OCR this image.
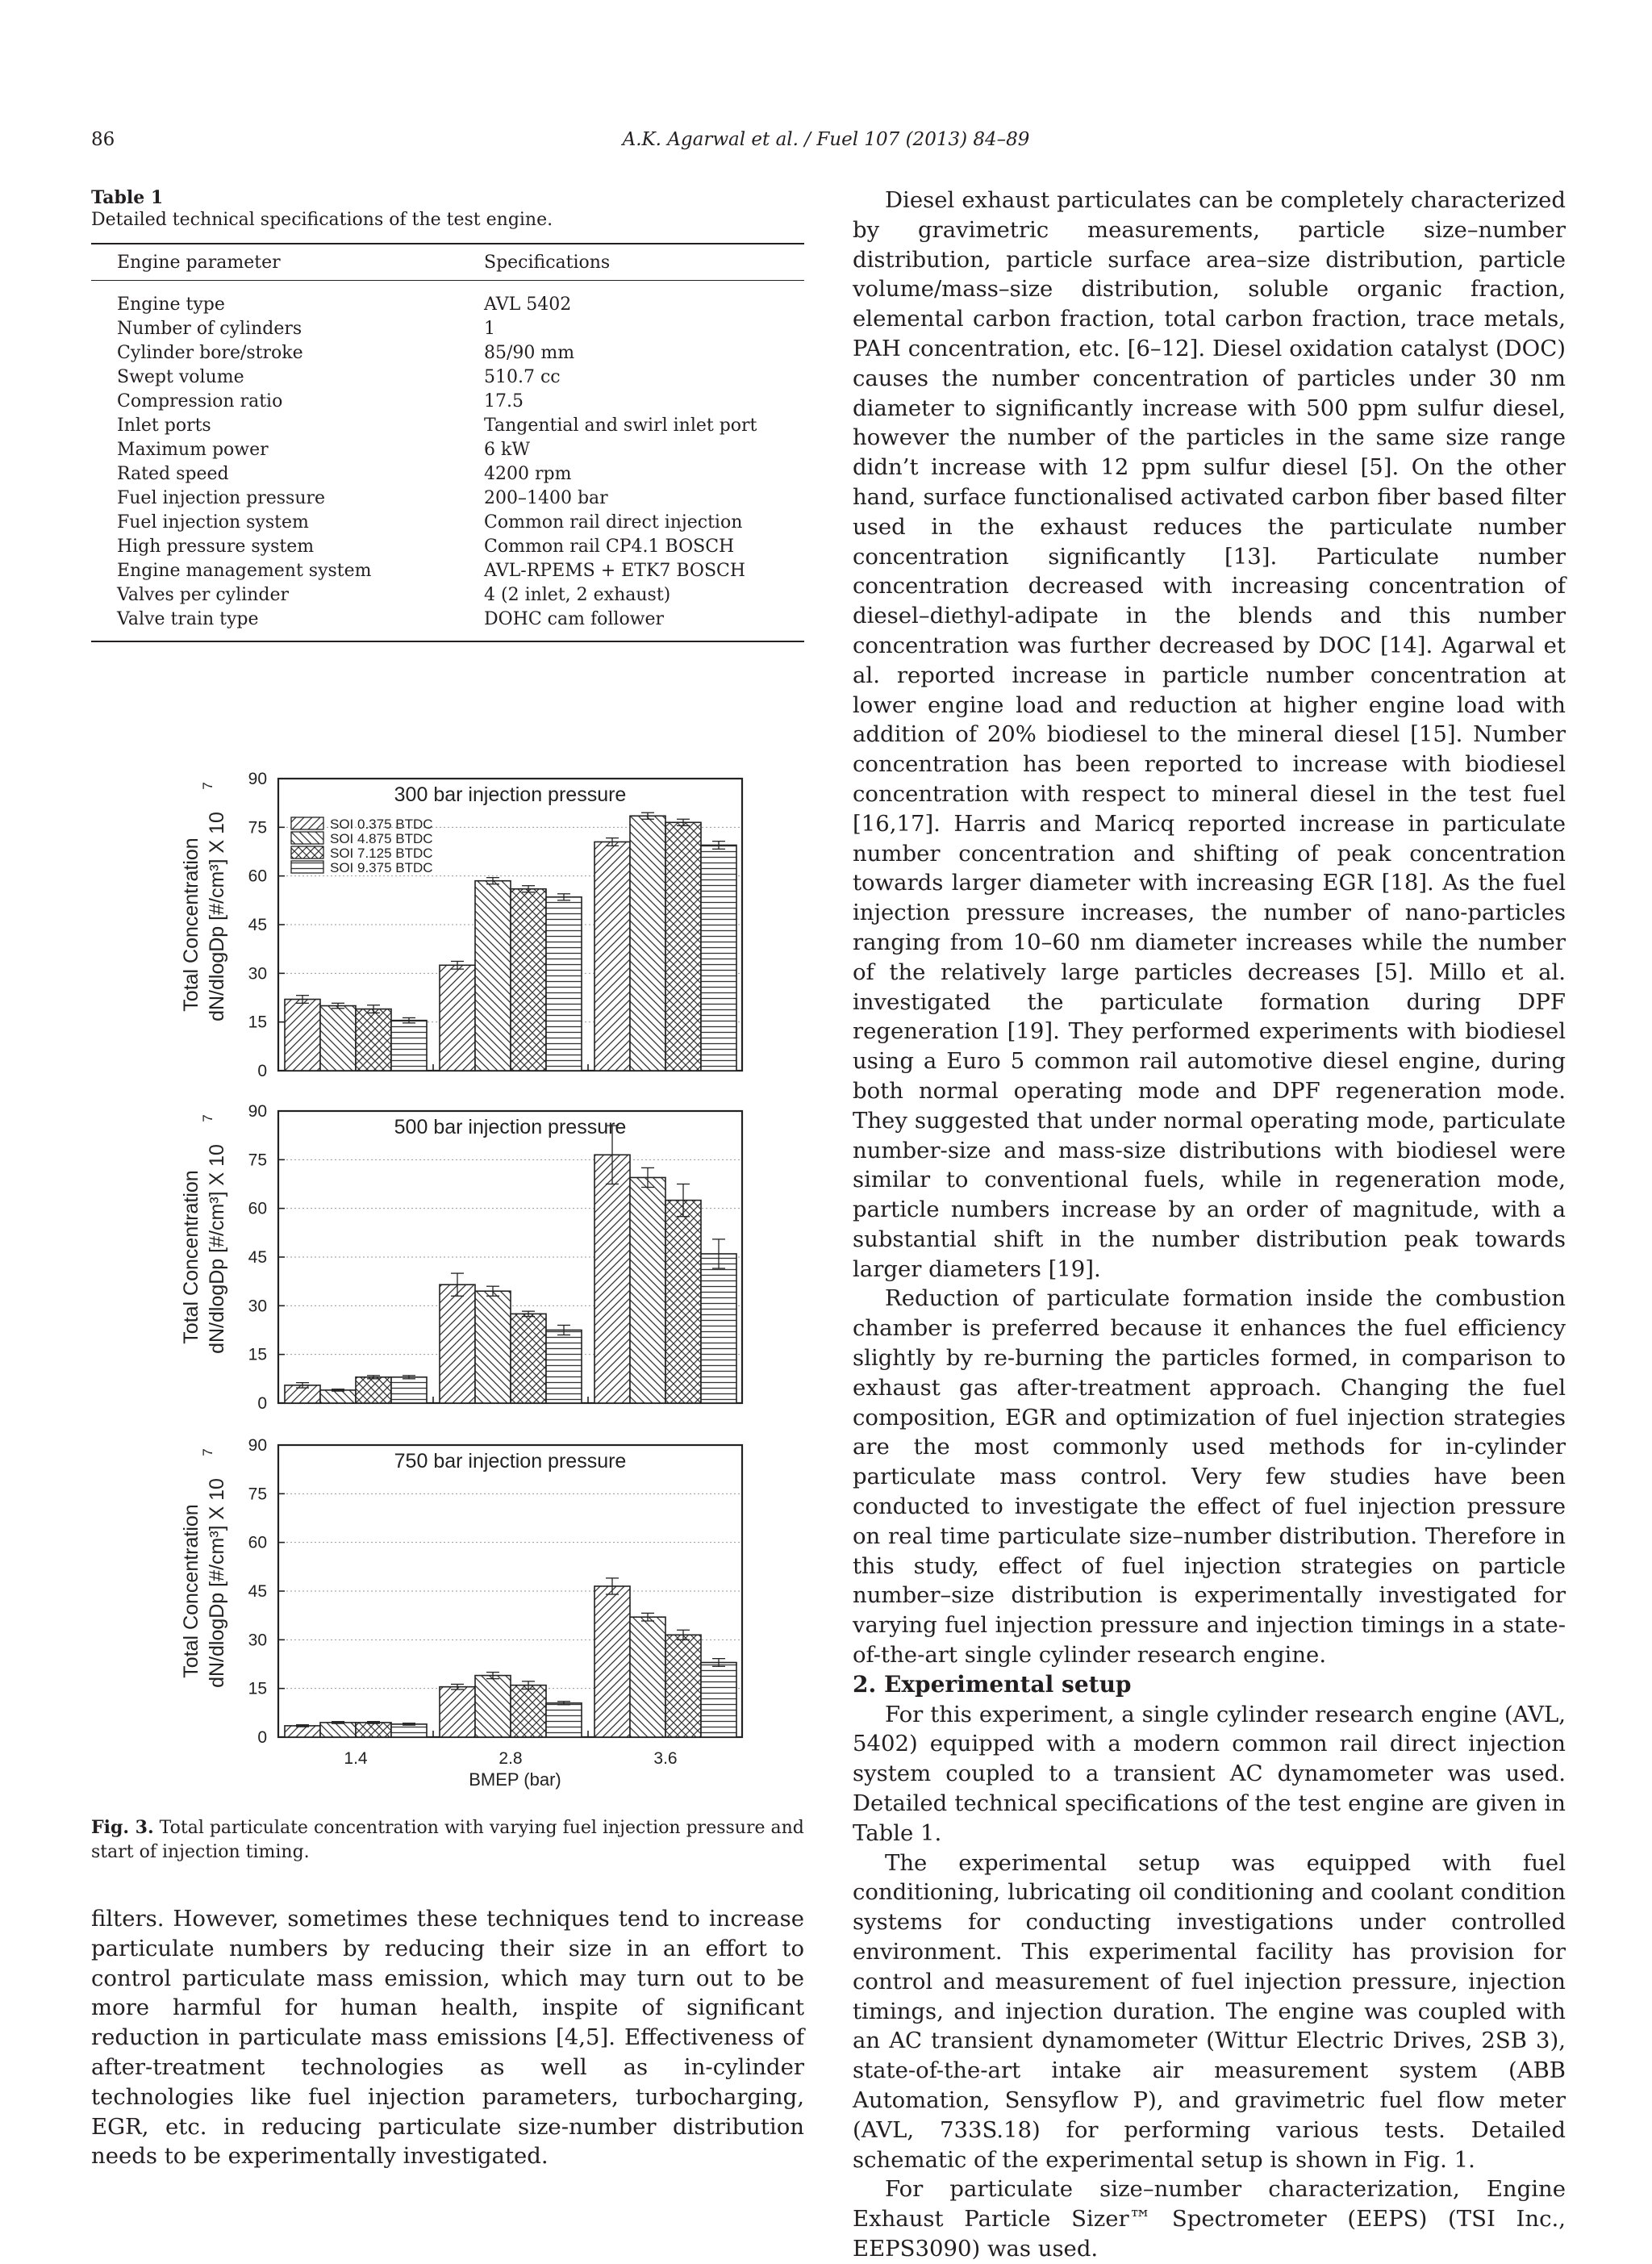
86	A.K. Agarwal et al. / Fuel 107 (2013) 84–89
Table 1
Detailed technical specifications of the test engine.
Engine parameter	Specifications
Engine type	AVL 5402
Number of cylinders	1
Cylinder bore/stroke	85/90 mm
Swept volume	510.7 cc
Compression ratio	17.5
Inlet ports	Tangential and swirl inlet port
Maximum power	6 kW
Rated speed	4200 rpm
Fuel injection pressure	200–1400 bar
Fuel injection system	Common rail direct injection
High pressure system	Common rail CP4.1 BOSCH
Engine management system	AVL-RPEMS + ETK7 BOSCH
Valves per cylinder	4 (2 inlet, 2 exhaust)
Valve train type	DOHC cam follower
0
15
30
45
60
75
90
300 bar injection pressure
Total Concentration dN/dlogDp [#/cm³] X 10
7
SOI 0.375 BTDC
SOI 4.875 BTDC
SOI 7.125 BTDC
SOI 9.375 BTDC
0
15
30
45
60
75
90
500 bar injection pressure
Total Concentration dN/dlogDp [#/cm³] X 10
7
0
15
30
45
60
75
90
750 bar injection pressure
Total Concentration dN/dlogDp [#/cm³] X 10
7
1.4	2.8	3.6
BMEP (bar)
Fig. 3. Total particulate concentration with varying fuel injection pressure and start of injection timing.

filters. However, sometimes these techniques tend to increase particulate numbers by reducing their size in an effort to control particulate mass emission, which may turn out to be more harmful for human health, inspite of significant reduction in particulate mass emissions [4,5]. Effectiveness of after-treatment technologies as well as in-cylinder technologies like fuel injection parameters, turbocharging, EGR, etc. in reducing particulate size-number distribution needs to be experimentally investigated.

Diesel exhaust particulates can be completely characterized by gravimetric measurements, particle size–number distribution, particle surface area–size distribution, particle volume/mass–size distribution, soluble organic fraction, elemental carbon fraction, total carbon fraction, trace metals, PAH concentration, etc. [6–12]. Diesel oxidation catalyst (DOC) causes the number concentration of particles under 30 nm diameter to significantly increase with 500 ppm sulfur diesel, however the number of the particles in the same size range didn’t increase with 12 ppm sulfur diesel [5]. On the other hand, surface functionalised activated carbon fiber based filter used in the exhaust reduces the particulate number concentration significantly [13]. Particulate number concentration decreased with increasing concentration of diesel–diethyl-adipate in the blends and this number concentration was further decreased by DOC [14]. Agarwal et al. reported increase in particle number concentration at lower engine load and reduction at higher engine load with addition of 20% biodiesel to the mineral diesel [15]. Number concentration has been reported to increase with biodiesel concentration with respect to mineral diesel in the test fuel [16,17]. Harris and Maricq reported increase in particulate number concentration and shifting of peak concentration towards larger diameter with increasing EGR [18]. As the fuel injection pressure increases, the number of nano-particles ranging from 10–60 nm diameter increases while the number of the relatively large particles decreases [5]. Millo et al. investigated the particulate formation during DPF regeneration [19]. They performed experiments with biodiesel using a Euro 5 common rail automotive diesel engine, during both normal operating mode and DPF regeneration mode. They suggested that under normal operating mode, particulate number-size and mass-size distributions with biodiesel were similar to conventional fuels, while in regeneration mode, particle numbers increase by an order of magnitude, with a substantial shift in the number distribution peak towards larger diameters [19].

Reduction of particulate formation inside the combustion chamber is preferred because it enhances the fuel efficiency slightly by re-burning the particles formed, in comparison to exhaust gas after-treatment approach. Changing the fuel composition, EGR and optimization of fuel injection strategies are the most commonly used methods for in-cylinder particulate mass control. Very few studies have been conducted to investigate the effect of fuel injection pressure on real time particulate size–number distribution. Therefore in this study, effect of fuel injection strategies on particle number–size distribution is experimentally investigated for varying fuel injection pressure and injection timings in a state-of-the-art single cylinder research engine.

2. Experimental setup

For this experiment, a single cylinder research engine (AVL, 5402) equipped with a modern common rail direct injection system coupled to a transient AC dynamometer was used. Detailed technical specifications of the test engine are given in Table 1.

The experimental setup was equipped with fuel conditioning, lubricating oil conditioning and coolant condition systems for conducting investigations under controlled environment. This experimental facility has provision for control and measurement of fuel injection pressure, injection timings, and injection duration. The engine was coupled with an AC transient dynamometer (Wittur Electric Drives, 2SB 3), state-of-the-art intake air measurement system (ABB Automation, Sensyflow P), and gravimetric fuel flow meter (AVL, 733S.18) for performing various tests. Detailed schematic of the experimental setup is shown in Fig. 1.

For particulate size–number characterization, Engine Exhaust Particle Sizer™ Spectrometer (EEPS) (TSI Inc., EEPS3090) was used.
